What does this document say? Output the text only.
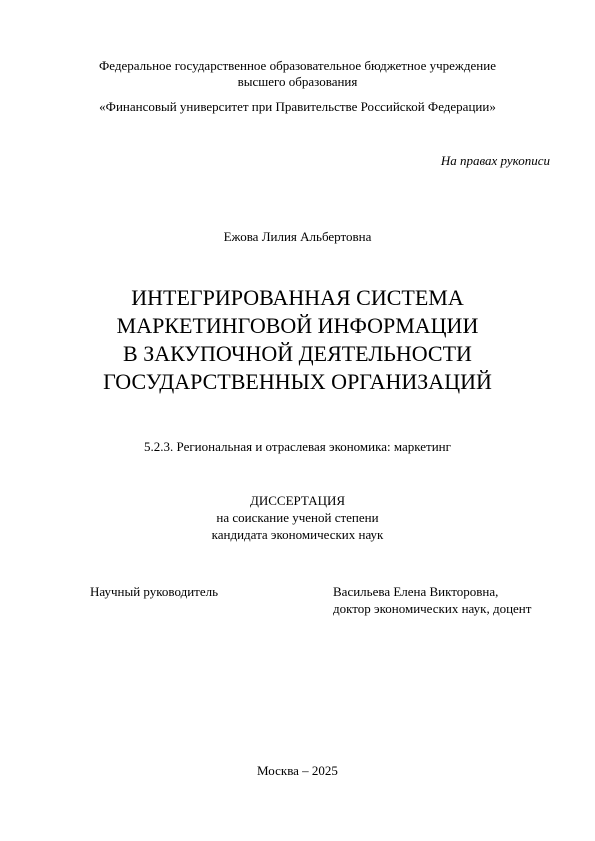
Федеральное государственное образовательное бюджетное учреждение
высшего образования
«Финансовый университет при Правительстве Российской Федерации»
На правах рукописи
Ежова Лилия Альбертовна
ИНТЕГРИРОВАННАЯ СИСТЕМА
МАРКЕТИНГОВОЙ ИНФОРМАЦИИ
В ЗАКУПОЧНОЙ ДЕЯТЕЛЬНОСТИ
ГОСУДАРСТВЕННЫХ ОРГАНИЗАЦИЙ
5.2.3. Региональная и отраслевая экономика: маркетинг
ДИССЕРТАЦИЯ
на соискание ученой степени
кандидата экономических наук
Научный руководитель	Васильева Елена Викторовна,
доктор экономических наук, доцент
Москва – 2025
